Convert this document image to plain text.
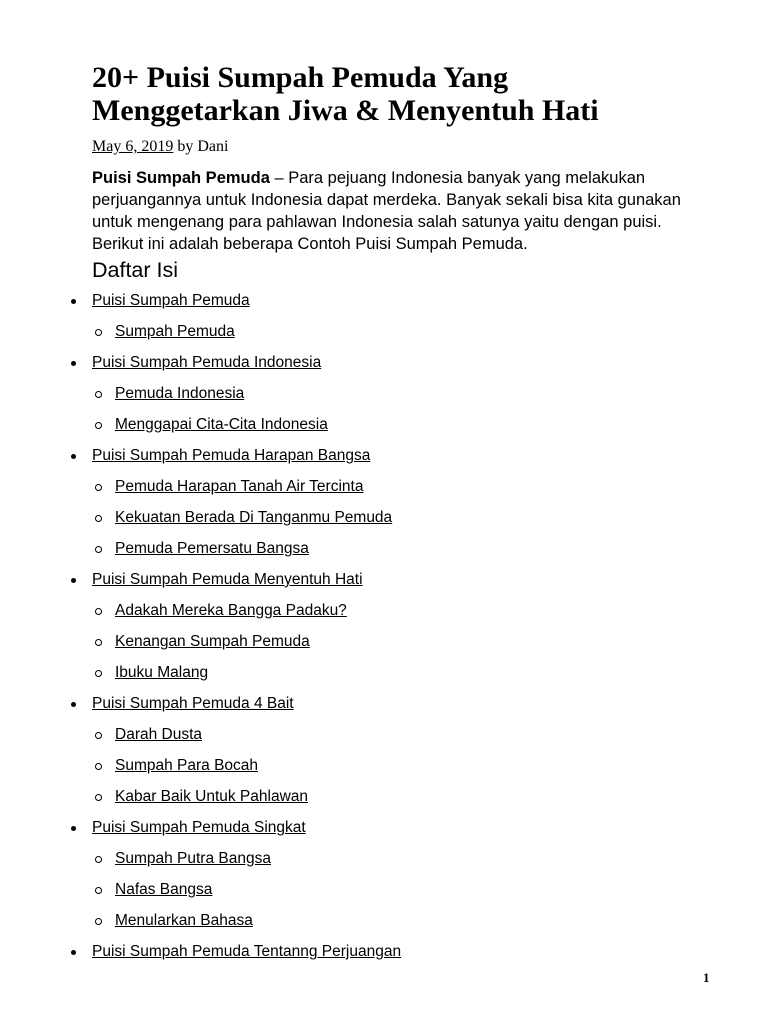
20+ Puisi Sumpah Pemuda Yang Menggetarkan Jiwa & Menyentuh Hati

May 6, 2019 by Dani

Puisi Sumpah Pemuda – Para pejuang Indonesia banyak yang melakukan perjuangannya untuk Indonesia dapat merdeka. Banyak sekali bisa kita gunakan untuk mengenang para pahlawan Indonesia salah satunya yaitu dengan puisi. Berikut ini adalah beberapa Contoh Puisi Sumpah Pemuda.

Daftar Isi
Puisi Sumpah Pemuda
Sumpah Pemuda
Puisi Sumpah Pemuda Indonesia
Pemuda Indonesia
Menggapai Cita-Cita Indonesia
Puisi Sumpah Pemuda Harapan Bangsa
Pemuda Harapan Tanah Air Tercinta
Kekuatan Berada Di Tanganmu Pemuda
Pemuda Pemersatu Bangsa
Puisi Sumpah Pemuda Menyentuh Hati
Adakah Mereka Bangga Padaku?
Kenangan Sumpah Pemuda
Ibuku Malang
Puisi Sumpah Pemuda 4 Bait
Darah Dusta
Sumpah Para Bocah
Kabar Baik Untuk Pahlawan
Puisi Sumpah Pemuda Singkat
Sumpah Putra Bangsa
Nafas Bangsa
Menularkan Bahasa
Puisi Sumpah Pemuda Tentanng Perjuangan
1
